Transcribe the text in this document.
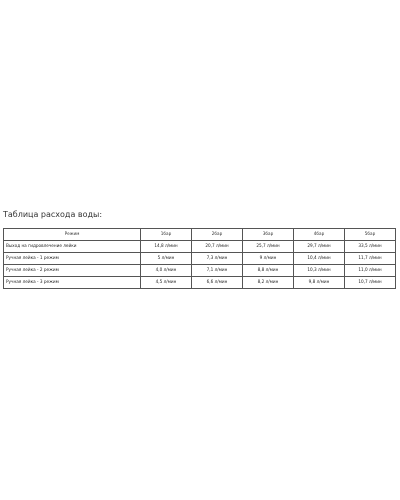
Таблица расхода воды:
Режим	1бар	2бар	3бар	4бар	5бар
Выход на гидровлечение лейки	14,8 л/мин	20,7 л/мин	25,7 л/мин	29,7 л/мин	33,5 л/мин
Ручная лейка - 1 режим	5 л/мин	7,3 л/мин	9 л/мин	10,4 л/мин	11,7 л/мин
Ручная лейка - 2 режим	4,0 л/мин	7,1 л/мин	8,8 л/мин	10,3 л/мин	11,0 л/мин
Ручная лейка - 3 режим	4,5 л/мин	6,6 л/мин	8,2 л/мин	9,8 л/мин	10,7 л/мин
